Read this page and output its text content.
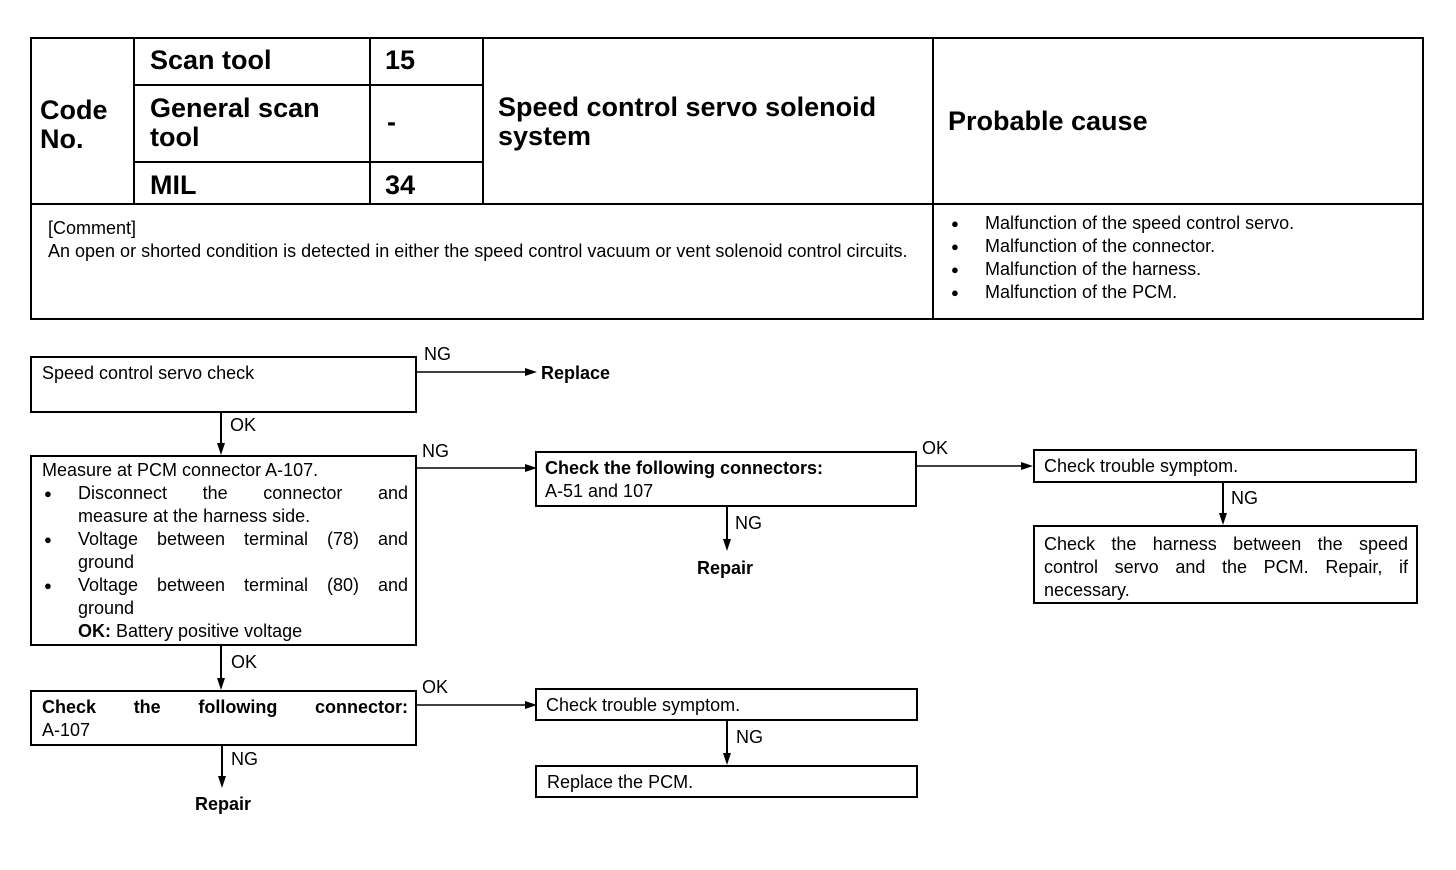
Code No.
Scan tool	15
General scan tool	-
MIL	34
Speed control servo solenoid system	Probable cause
[Comment]
An open or shorted condition is detected in either the speed control vacuum or vent solenoid control circuits.
● Malfunction of the speed control servo.
● Malfunction of the connector.
● Malfunction of the harness.
● Malfunction of the PCM.
Speed control servo check
NG
Replace
OK
Measure at PCM connector A-107.
● Disconnect the connector and
measure at the harness side.
● Voltage between terminal (78) and
ground
● Voltage between terminal (80) and
ground
OK: Battery positive voltage
NG
OK
Check the following connectors:
A-51 and 107
OK
NG
Repair
Check trouble symptom.
NG
Check the harness between the speed
control servo and the PCM. Repair, if
necessary.
Check the following connector:
A-107
OK
NG
Repair
Check trouble symptom.
NG
Replace the PCM.
